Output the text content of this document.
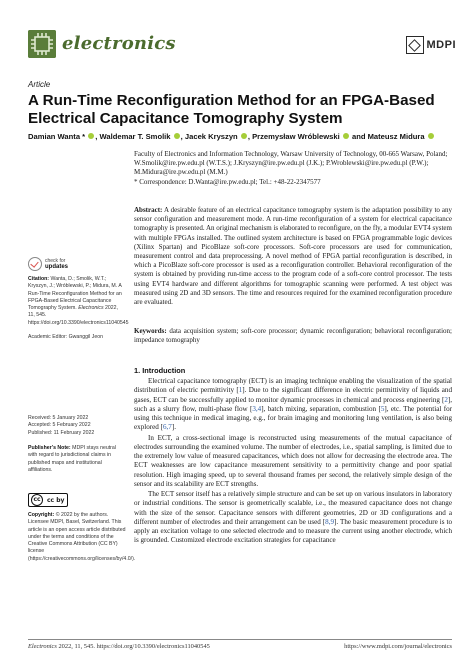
electronics	MDPI
Article
A Run-Time Reconfiguration Method for an FPGA-Based Electrical Capacitance Tomography System
Damian Wanta * , Waldemar T. Smolik , Jacek Kryszyn , Przemysław Wróblewski and Mateusz Midura

Faculty of Electronics and Information Technology, Warsaw University of Technology, 00-665 Warsaw, Poland;

W.Smolik@ire.pw.edu.pl (W.T.S.); J.Kryszyn@ire.pw.edu.pl (J.K.); P.Wroblewski@ire.pw.edu.pl (P.W.);

M.Midura@ire.pw.edu.pl (M.M.)

* Correspondence: D.Wanta@ire.pw.edu.pl; Tel.: +48-22-2347577

Abstract: A desirable feature of an electrical capacitance tomography system is the adaptation possibility to any sensor configuration and measurement mode. A run-time reconfiguration of a system for electrical capacitance tomography is presented. An original mechanism is elaborated to reconfigure, on the fly, a modular EVT4 system with multiple FPGAs installed. The outlined system architecture is based on FPGA programmable logic devices (Xilinx Spartan) and PicoBlaze soft-core processors. Soft-core processors are used for communication, measurement control and data preprocessing. A novel method of FPGA partial reconfiguration is described, in which a PicoBlaze soft-core processor is used as a reconfiguration controller. Behavioral reconfiguration of the system is obtained by providing run-time access to the program code of a soft-core control processor. The tests using EVT4 hardware and different algorithms for tomographic scanning were performed. A test object was measured using 2D and 3D sensors. The time and resources required for the examined reconfiguration procedure are evaluated.
Keywords: data acquisition system; soft-core processor; dynamic reconfiguration; behavioral reconfiguration; impedance tomography
1. Introduction

Electrical capacitance tomography (ECT) is an imaging technique enabling the visualization of the spatial distribution of electric permittivity [1]. Due to the significant difference in electric permittivity of liquids and gases, ECT can be successfully applied to monitor dynamic processes in chemical and process engineering [2], such as a slurry flow, multi-phase flow [3,4], batch mixing, separation, combustion [5], etc. The potential for using this technique in medical imaging, e.g., for brain imaging and monitoring lung ventilation, is also being explored [6,7].

In ECT, a cross-sectional image is reconstructed using measurements of the mutual capacitance of electrodes surrounding the examined volume. The number of electrodes, i.e., spatial sampling, is limited due to the extremely low value of measured capacitances, which does not allow for decreasing the electrode area. The ECT weaknesses are low capacitance measurement sensitivity to a permittivity change and poor spatial resolution. High imaging speed, up to several thousand frames per second, the relatively simple design of the sensor and its scalability are ECT strengths.

The ECT sensor itself has a relatively simple structure and can be set up on various insulators in laboratory or industrial conditions. The sensor is geometrically scalable, i.e., the measured capacitance does not change with the size of the sensor. Capacitance sensors with different geometries, 2D or 3D configurations and a different number of electrodes and their arrangement can be used [8,9]. The basic measurement procedure is to apply an excitation voltage to one selected electrode and to measure the current using another electrode, which is grounded. Customized electrode excitation strategies for capacitance

check for
updates
Citation: Wanta, D.; Smolik, W.T.; Kryszyn, J.; Wróblewski, P.; Midura, M. A Run-Time Reconfiguration Method for an FPGA-Based Electrical Capacitance Tomography System. Electronics 2022, 11, 545. https://doi.org/10.3390/electronics11040545

Academic Editor: Gwanggil Jeon
Received: 5 January 2022
Accepted: 5 February 2022
Published: 11 February 2022
Publisher’s Note: MDPI stays neutral with regard to jurisdictional claims in published maps and institutional affiliations.
cc	cc by
Copyright: © 2022 by the authors. Licensee MDPI, Basel, Switzerland. This article is an open access article distributed under the terms and conditions of the Creative Commons Attribution (CC BY) license (https://creativecommons.org/licenses/by/4.0/).
Electronics 2022, 11, 545. https://doi.org/10.3390/electronics11040545	https://www.mdpi.com/journal/electronics
